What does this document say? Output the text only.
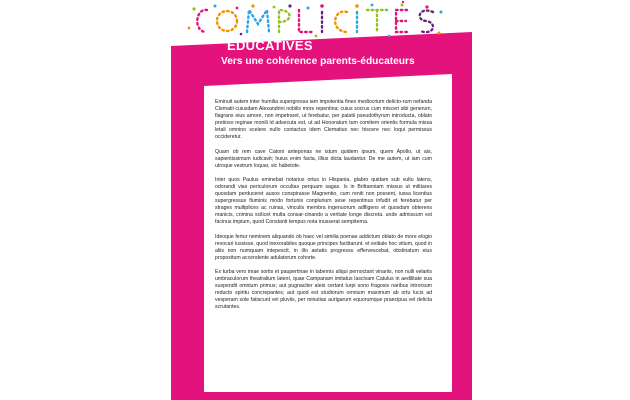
COMPLICITÉS
ÉDUCATIVES
Vers une cohérence parents-éducateurs

Eminuit autem inter humilia supergressa iam impotentia fines mediocrium delicto-rum nefanda Clematii cuiusdam Alexandrini nobilis mors repentina; cuius socrus cum misceri sibi generum, flagrans eius amore, non impetraret, ut ferebatur, per palatii pseudothyrum introducta, oblato pretioso reginae monili id adsecuta est, ut ad Honoratum tum comitem orientis formula missa letali omnino scelere nullo contactus idem Clematius nec hiscere nec loqui permissus occideretur.

Quam ob rem cave Catoni anteponas ne istum quidem ipsum, quem Apollo, ut ais, sapientissimum iudicavit; huius enim facta, illius dicta laudantur. De me autem, ut iam cum utroque vestrum loquar, sic habetote.

Inter quos Paulus eminebat notarius ortus in Hispania, glabro quidam sub vultu latens, odorandi vias periculorum occultas perquam sagax. Is in Brittanniam missus ut militares quosdam perduceret ausos conspirasse Magnentio, cum reniti non possent, iussa licentius supergressus fluminis modo fortunis conplurium sese repentinus infudit et ferebatur per strages multiplices ac ruinas, vinculis membra ingenuorum adfligens et quosdam obterens manicis, crimina scilicet multa consar-cinando a veritate longe discreta. unde admissum est facinus impium, quod Constanti tempus nota inusserat sempiterna.

Ideoque fertur neminem aliquando ob haec vel similia poenae addictum oblato de more elogio revocari iussisse, quod inexorabiles quoque principes factitarunt. et exitiale hoc vitium, quod in aliis non numquam intepescit, in illo aetatis progressu effervescebat, obstinatum eius propositum accendente adulatorum cohorte.

Ex turba vero imae sortis et paupertinae in tabernis aliqui pernoctant vinariis, non nulli velariis umbraculorum theatralium latent, quae Campanam imitatus lascivam Catulus in aedilitate sua suspendit omnium primus; aut pugnaciter aleis certant turpi sono fragosis naribus introrsum reducto spiritu concrepantes; aut quod est studiorum omnium maximum ab ortu lucis ad vesperam sole fatiscunt vel pluviis, per minutias aurigarum equorumque praecipua vel delicta scrutantes.
